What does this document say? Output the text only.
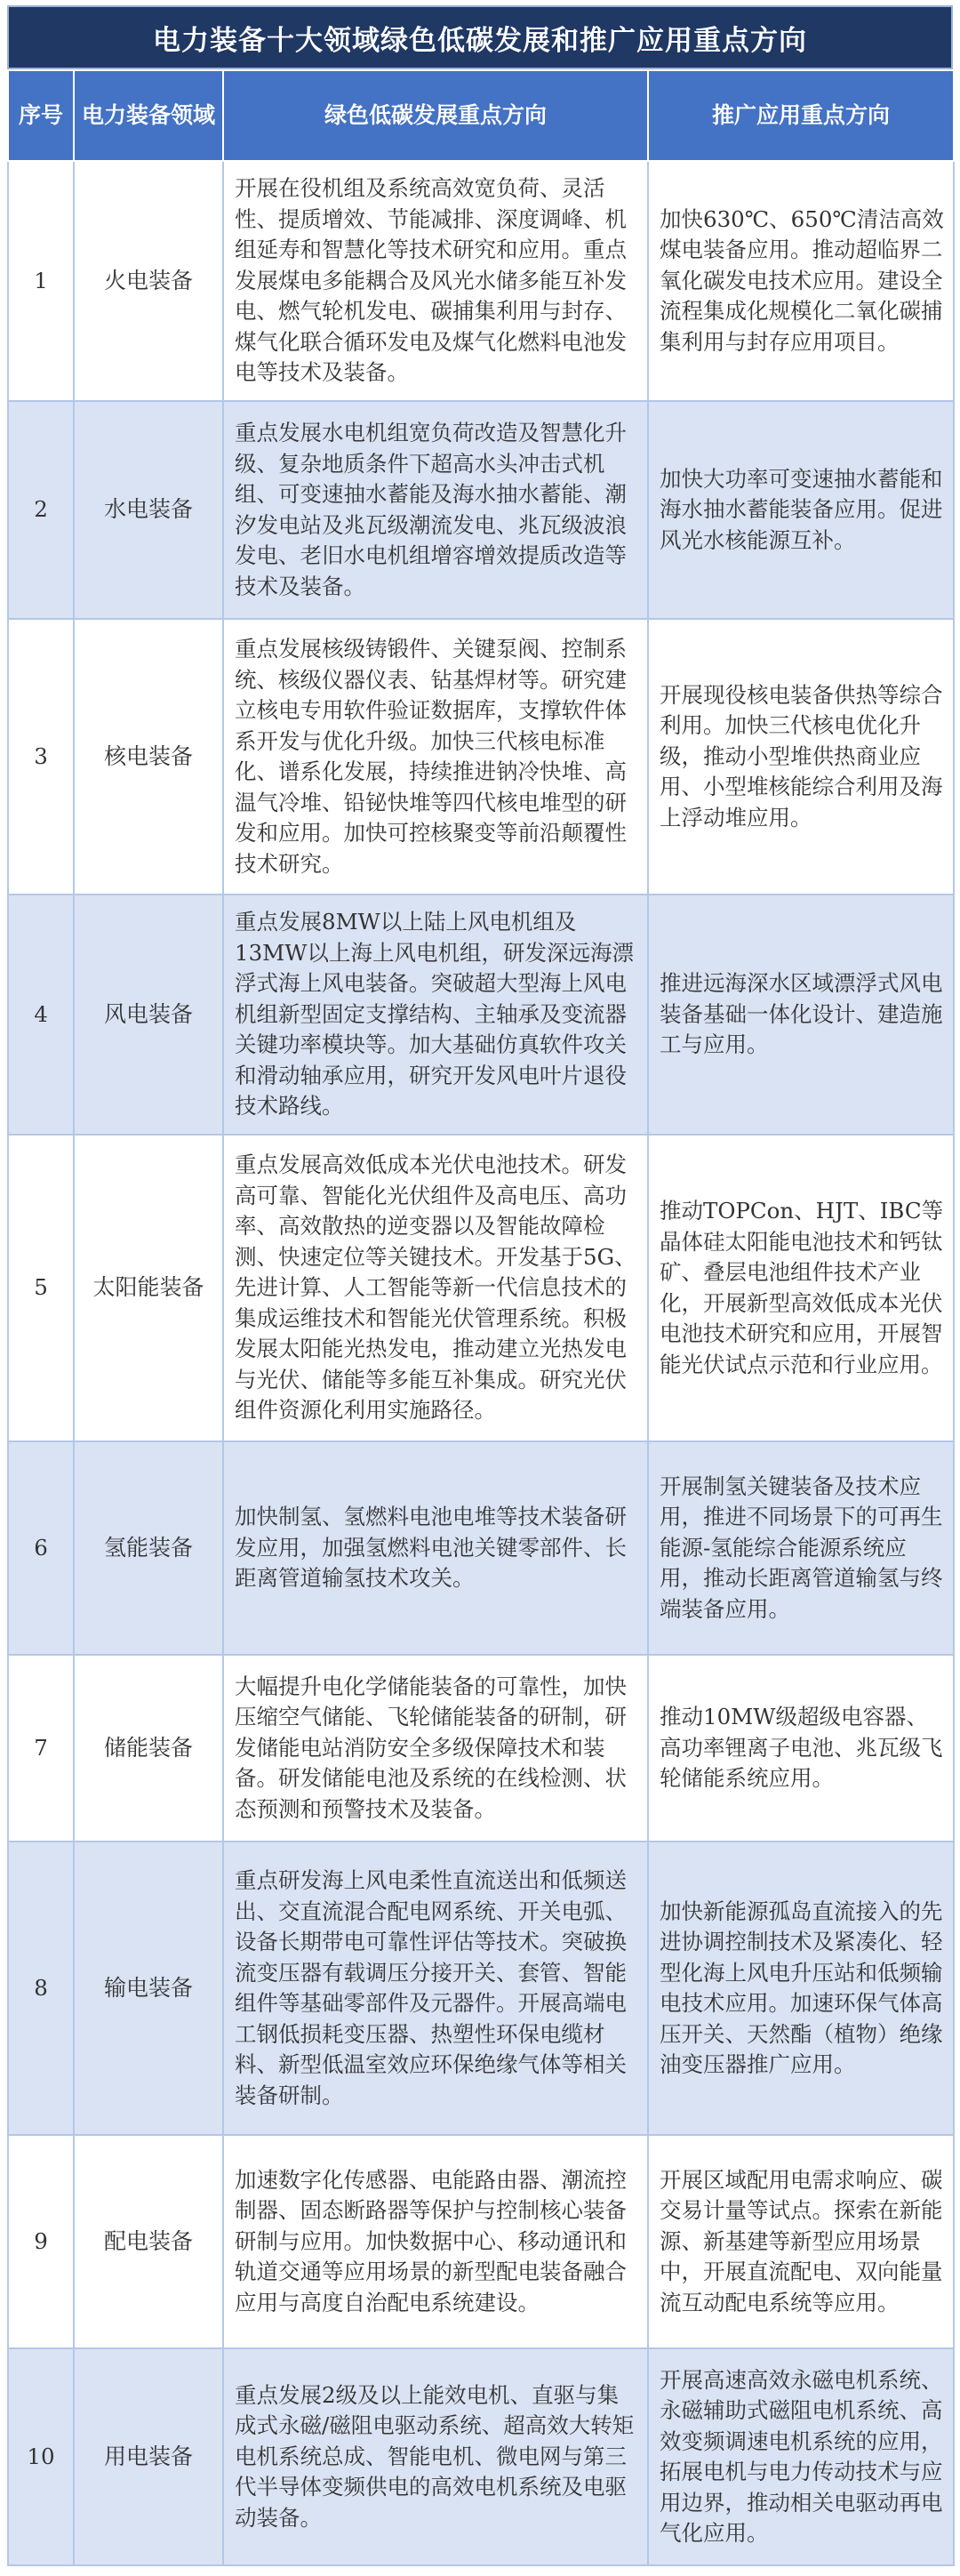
电力装备十大领域绿色低碳发展和推广应用重点方向
序号	电力装备领域	绿色低碳发展重点方向	推广应用重点方向
1	火电装备	开展在役机组及系统高效宽负荷、灵活性、提质增效、节能减排、深度调峰、机组延寿和智慧化等技术研究和应用。重点发展煤电多能耦合及风光水储多能互补发电、燃气轮机发电、碳捕集利用与封存、煤气化联合循环发电及煤气化燃料电池发电等技术及装备。	加快630℃、650℃清洁高效煤电装备应用。推动超临界二氧化碳发电技术应用。建设全流程集成化规模化二氧化碳捕集利用与封存应用项目。
2	水电装备	重点发展水电机组宽负荷改造及智慧化升级、复杂地质条件下超高水头冲击式机组、可变速抽水蓄能及海水抽水蓄能、潮汐发电站及兆瓦级潮流发电、兆瓦级波浪发电、老旧水电机组增容增效提质改造等技术及装备。	加快大功率可变速抽水蓄能和海水抽水蓄能装备应用。促进风光水核能源互补。
3	核电装备	重点发展核级铸锻件、关键泵阀、控制系统、核级仪器仪表、钻基焊材等。研究建立核电专用软件验证数据库，支撑软件体系开发与优化升级。加快三代核电标准化、谱系化发展，持续推进钠冷快堆、高温气冷堆、铅铋快堆等四代核电堆型的研发和应用。加快可控核聚变等前沿颠覆性技术研究。	开展现役核电装备供热等综合利用。加快三代核电优化升级，推动小型堆供热商业应用、小型堆核能综合利用及海上浮动堆应用。
4	风电装备	重点发展8MW以上陆上风电机组及13MW以上海上风电机组，研发深远海漂浮式海上风电装备。突破超大型海上风电机组新型固定支撑结构、主轴承及变流器关键功率模块等。加大基础仿真软件攻关和滑动轴承应用，研究开发风电叶片退役技术路线。	推进远海深水区域漂浮式风电装备基础一体化设计、建造施工与应用。
5	太阳能装备	重点发展高效低成本光伏电池技术。研发高可靠、智能化光伏组件及高电压、高功率、高效散热的逆变器以及智能故障检测、快速定位等关键技术。开发基于5G、先进计算、人工智能等新一代信息技术的集成运维技术和智能光伏管理系统。积极发展太阳能光热发电，推动建立光热发电与光伏、储能等多能互补集成。研究光伏组件资源化利用实施路径。	推动TOPCon、HJT、IBC等晶体硅太阳能电池技术和钙钛矿、叠层电池组件技术产业化，开展新型高效低成本光伏电池技术研究和应用，开展智能光伏试点示范和行业应用。
6	氢能装备	加快制氢、氢燃料电池电堆等技术装备研发应用，加强氢燃料电池关键零部件、长距离管道输氢技术攻关。	开展制氢关键装备及技术应用，推进不同场景下的可再生能源-氢能综合能源系统应用，推动长距离管道输氢与终端装备应用。
7	储能装备	大幅提升电化学储能装备的可靠性，加快压缩空气储能、飞轮储能装备的研制，研发储能电站消防安全多级保障技术和装备。研发储能电池及系统的在线检测、状态预测和预警技术及装备。	推动10MW级超级电容器、高功率锂离子电池、兆瓦级飞轮储能系统应用。
8	输电装备	重点研发海上风电柔性直流送出和低频送出、交直流混合配电网系统、开关电弧、设备长期带电可靠性评估等技术。突破换流变压器有载调压分接开关、套管、智能组件等基础零部件及元器件。开展高端电工钢低损耗变压器、热塑性环保电缆材料、新型低温室效应环保绝缘气体等相关装备研制。	加快新能源孤岛直流接入的先进协调控制技术及紧凑化、轻型化海上风电升压站和低频输电技术应用。加速环保气体高压开关、天然酯（植物）绝缘油变压器推广应用。
9	配电装备	加速数字化传感器、电能路由器、潮流控制器、固态断路器等保护与控制核心装备研制与应用。加快数据中心、移动通讯和轨道交通等应用场景的新型配电装备融合应用与高度自治配电系统建设。	开展区域配用电需求响应、碳交易计量等试点。探索在新能源、新基建等新型应用场景中，开展直流配电、双向能量流互动配电系统等应用。
10	用电装备	重点发展2级及以上能效电机、直驱与集成式永磁/磁阻电驱动系统、超高效大转矩电机系统总成、智能电机、微电网与第三代半导体变频供电的高效电机系统及电驱动装备。	开展高速高效永磁电机系统、永磁辅助式磁阻电机系统、高效变频调速电机系统的应用，拓展电机与电力传动技术与应用边界，推动相关电驱动再电气化应用。
